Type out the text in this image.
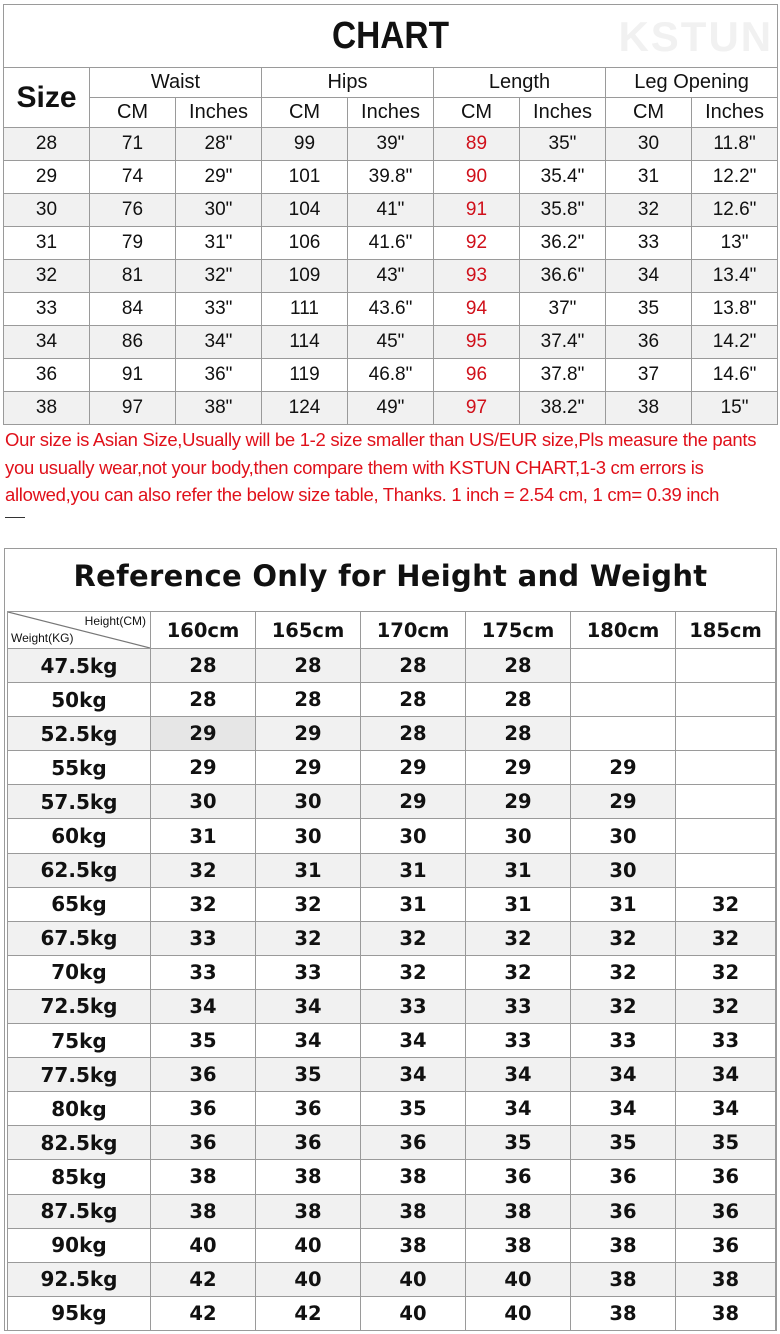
CHART KSTUN								

Size	Waist		Hips		Length		Leg Opening	
	CM	Inches	CM	Inches	CM	Inches	CM	Inches
28	71	28"	99	39"	89	35"	30	11.8"
29	74	29"	101	39.8"	90	35.4"	31	12.2"
30	76	30"	104	41"	91	35.8"	32	12.6"
31	79	31"	106	41.6"	92	36.2"	33	13"
32	81	32"	109	43"	93	36.6"	34	13.4"
33	84	33"	111	43.6"	94	37"	35	13.8"
34	86	34"	114	45"	95	37.4"	36	14.2"
36	91	36"	119	46.8"	96	37.8"	37	14.6"
38	97	38"	124	49"	97	38.2"	38	15"
Our size is Asian Size,Usually will be 1-2 size smaller than US/EUR size,Pls measure the pants
you usually wear,not your body,then compare them with KSTUN CHART,1-3 cm errors is
allowed,you can also refer the below size table, Thanks. 1 inch = 2.54 cm, 1 cm= 0.39 inch
Reference Only for Height and Weight
Height(CM)
Weight(KG)	160cm	165cm	170cm	175cm	180cm	185cm
47.5kg	28	28	28	28		
50kg	28	28	28	28		
52.5kg	29	29	28	28		
55kg	29	29	29	29	29	
57.5kg	30	30	29	29	29	
60kg	31	30	30	30	30	
62.5kg	32	31	31	31	30	
65kg	32	32	31	31	31	32
67.5kg	33	32	32	32	32	32
70kg	33	33	32	32	32	32
72.5kg	34	34	33	33	32	32
75kg	35	34	34	33	33	33
77.5kg	36	35	34	34	34	34
80kg	36	36	35	34	34	34
82.5kg	36	36	36	35	35	35
85kg	38	38	38	36	36	36
87.5kg	38	38	38	38	36	36
90kg	40	40	38	38	38	36
92.5kg	42	40	40	40	38	38
95kg	42	42	40	40	38	38
